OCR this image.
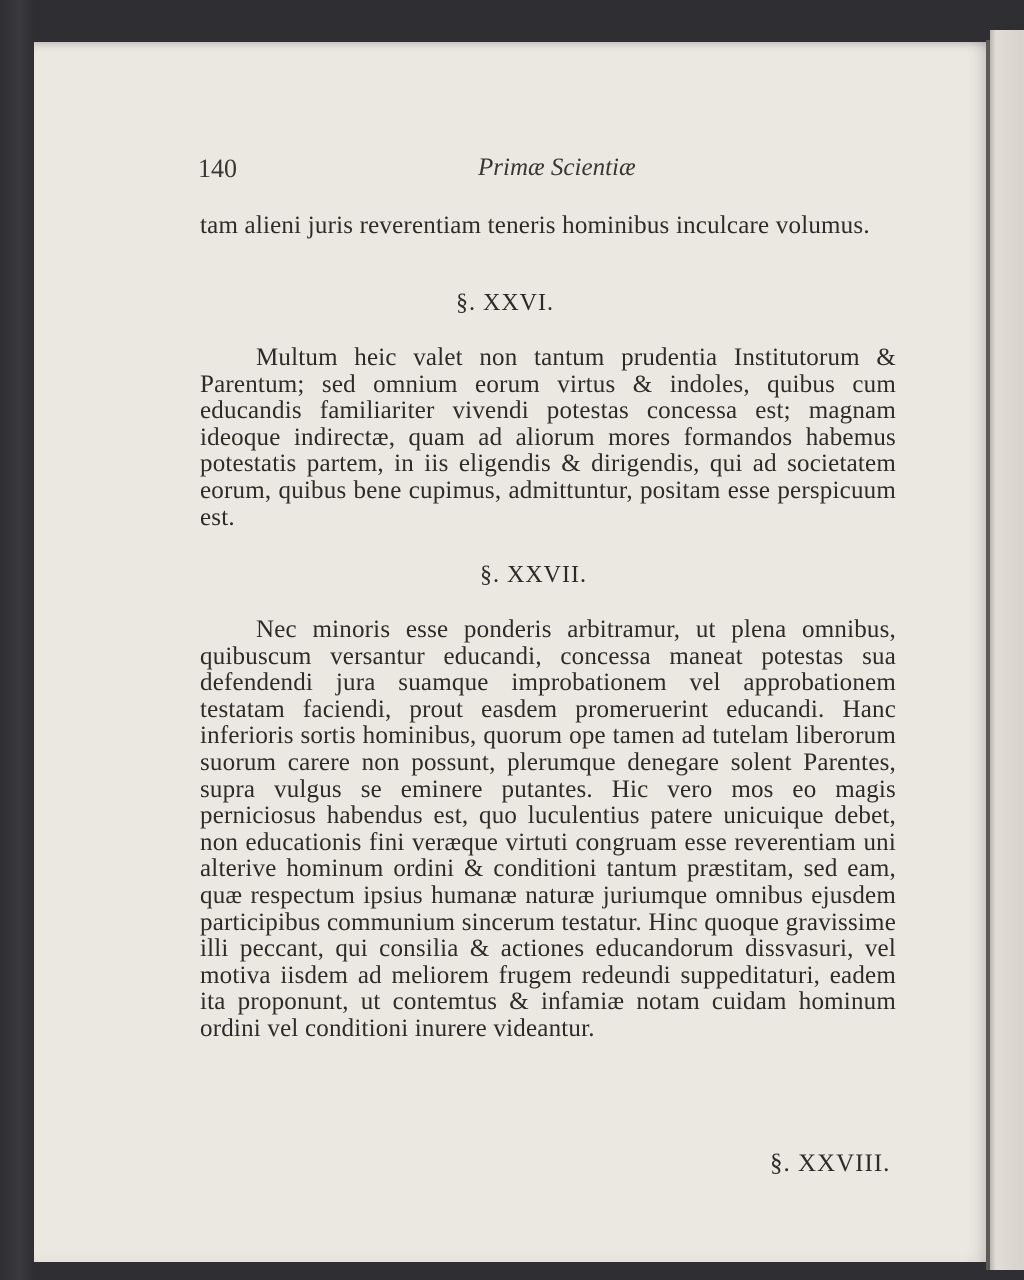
140	Primæ Scientiæ

tam alieni juris reverentiam teneris hominibus inculcare volumus.

§. XXVI.

Multum heic valet non tantum prudentia Institutorum & Parentum; sed omnium eorum virtus & indoles, quibus cum educandis familiariter vivendi potestas concessa est; magnam ideoque indirectæ, quam ad aliorum mores formandos habemus potestatis partem, in iis eligendis & dirigendis, qui ad societatem eorum, quibus bene cupimus, admittuntur, positam esse perspicuum est.

§. XXVII.

Nec minoris esse ponderis arbitramur, ut plena omnibus, quibuscum versantur educandi, concessa maneat potestas sua defendendi jura suamque improbationem vel approbationem testatam faciendi, prout easdem promeruerint educandi. Hanc inferioris sortis hominibus, quorum ope tamen ad tutelam liberorum suorum carere non possunt, plerumque denegare solent Parentes, supra vulgus se eminere putantes. Hic vero mos eo magis perniciosus habendus est, quo luculentius patere unicuique debet, non educationis fini veræque virtuti congruam esse reverentiam uni alterive hominum ordini & conditioni tantum præstitam, sed eam, quæ respectum ipsius humanæ naturæ juriumque omnibus ejusdem participibus communium sincerum testatur. Hinc quoque gravissime illi peccant, qui consilia & actiones educandorum dissvasuri, vel motiva iisdem ad meliorem frugem redeundi suppeditaturi, eadem ita proponunt, ut contemtus & infamiæ notam cuidam hominum ordini vel conditioni inurere videantur.

§. XXVIII.
